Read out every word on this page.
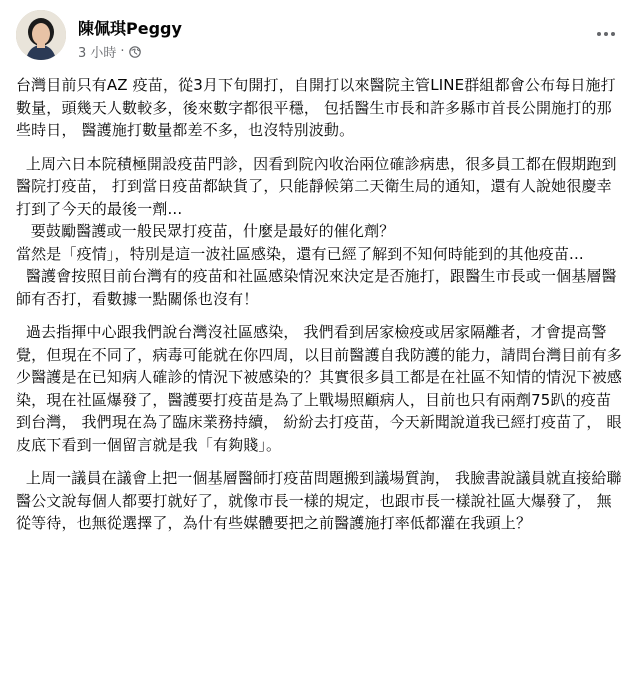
陳佩琪Peggy
3 小時 ·

台灣目前只有AZ 疫苗，從3月下旬開打，自開打以來醫院主管LINE群組都會公布每日施打數量，頭幾天人數較多，後來數字都很平穩， 包括醫生市長和許多縣市首長公開施打的那些時日， 醫護施打數量都差不多，也沒特別波動。

上周六日本院積極開設疫苗門診，因看到院內收治兩位確診病患，很多員工都在假期跑到醫院打疫苗， 打到當日疫苗都缺貨了，只能靜候第二天衛生局的通知，還有人說她很慶幸打到了今天的最後一劑...
要鼓勵醫護或一般民眾打疫苗，什麼是最好的催化劑？
當然是「疫情」，特別是這一波社區感染，還有已經了解到不知何時能到的其他疫苗...
醫護會按照目前台灣有的疫苗和社區感染情況來決定是否施打，跟醫生市長或一個基層醫師有否打，看數據一點關係也沒有！

過去指揮中心跟我們說台灣沒社區感染， 我們看到居家檢疫或居家隔離者，才會提高警覺，但現在不同了，病毒可能就在你四周，以目前醫護自我防護的能力，請問台灣目前有多少醫護是在已知病人確診的情況下被感染的？其實很多員工都是在社區不知情的情況下被感染，現在社區爆發了，醫護要打疫苗是為了上戰場照顧病人，目前也只有兩劑75趴的疫苗到台灣， 我們現在為了臨床業務持續， 紛紛去打疫苗，今天新聞說道我已經打疫苗了， 眼皮底下看到一個留言就是我「有夠賤」。

上周一議員在議會上把一個基層醫師打疫苗問題搬到議場質詢， 我臉書說議員就直接給聯醫公文說每個人都要打就好了，就像市長一樣的規定，也跟市長一樣說社區大爆發了， 無從等待，也無從選擇了，為什有些媒體要把之前醫護施打率低都灌在我頭上？
